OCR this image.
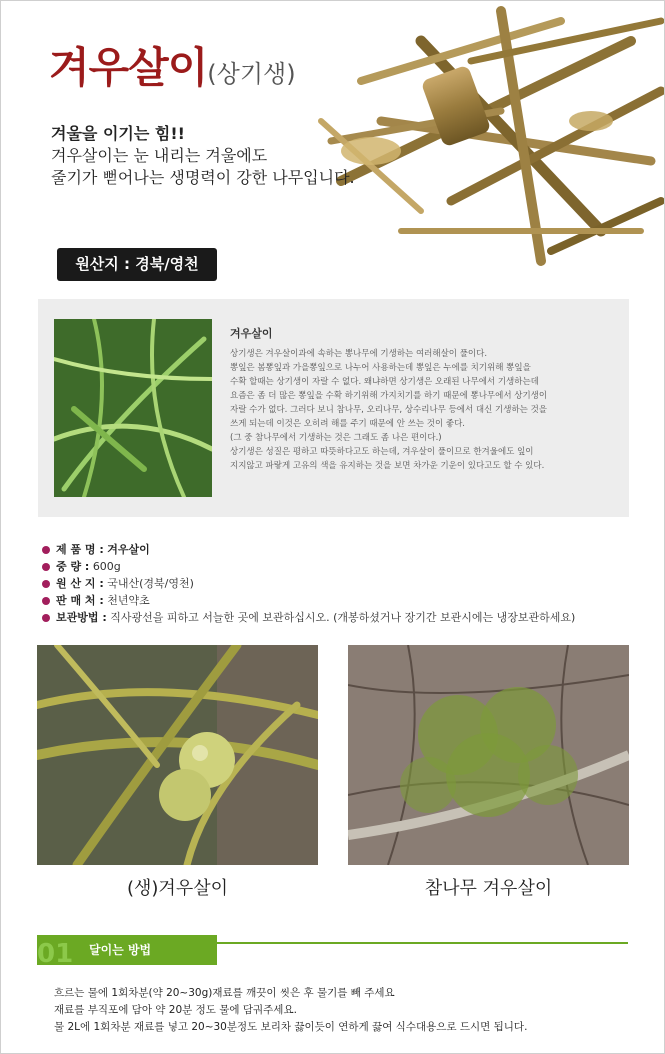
겨우살이(상기생)
겨울을 이기는 힘!!
겨우살이는 눈 내리는 겨울에도
줄기가 뻗어나는 생명력이 강한 나무입니다.
원산지 : 경북/영천
겨우살이
상기생은 겨우살이과에 속하는 뽕나무에 기생하는 여러해살이 풀이다.
뽕잎은 봄뽕잎과 가을뽕잎으로 나누어 사용하는데 뽕잎은 누에를 치기위해 뽕잎을
수확 할때는 상기생이 자랄 수 없다. 왜냐하면 상기생은 오래된 나무에서 기생하는데
요즘은 좀 더 많은 뽕잎을 수확 하기위해 가지치기를 하기 때문에 뽕나무에서 상기생이
자랄 수가 없다. 그러다 보니 참나무, 오리나무, 상수리나무 등에서 대신 기생하는 것을
쓰게 되는데 이것은 오히려 해를 주기 때문에 안 쓰는 것이 좋다.
(그 중 참나무에서 기생하는 것은 그래도 좀 나은 편이다.)
상기생은 성질은 평하고 따뜻하다고도 하는데, 겨우살이 풀이므로 한겨울에도 잎이
지지않고 파랗게 고유의 색을 유지하는 것을 보면 차가운 기운이 있다고도 할 수 있다.
제 품 명 : 겨우살이
중 량 : 600g
원 산 지 : 국내산(경북/영천)
판 매 처 : 천년약초
보관방법 : 직사광선을 피하고 서늘한 곳에 보관하십시오. (개봉하셨거나 장기간 보관시에는 냉장보관하세요)
(생)겨우살이	참나무 겨우살이
01 달이는 방법
흐르는 물에 1회차분(약 20~30g)재료를 깨끗이 씻은 후 물기를 빼 주세요
재료를 부직포에 담아 약 20분 정도 물에 담궈주세요.
물 2L에 1회차분 재료를 넣고 20~30분정도 보리차 끓이듯이 연하게 끓여 식수대용으로 드시면 됩니다.
